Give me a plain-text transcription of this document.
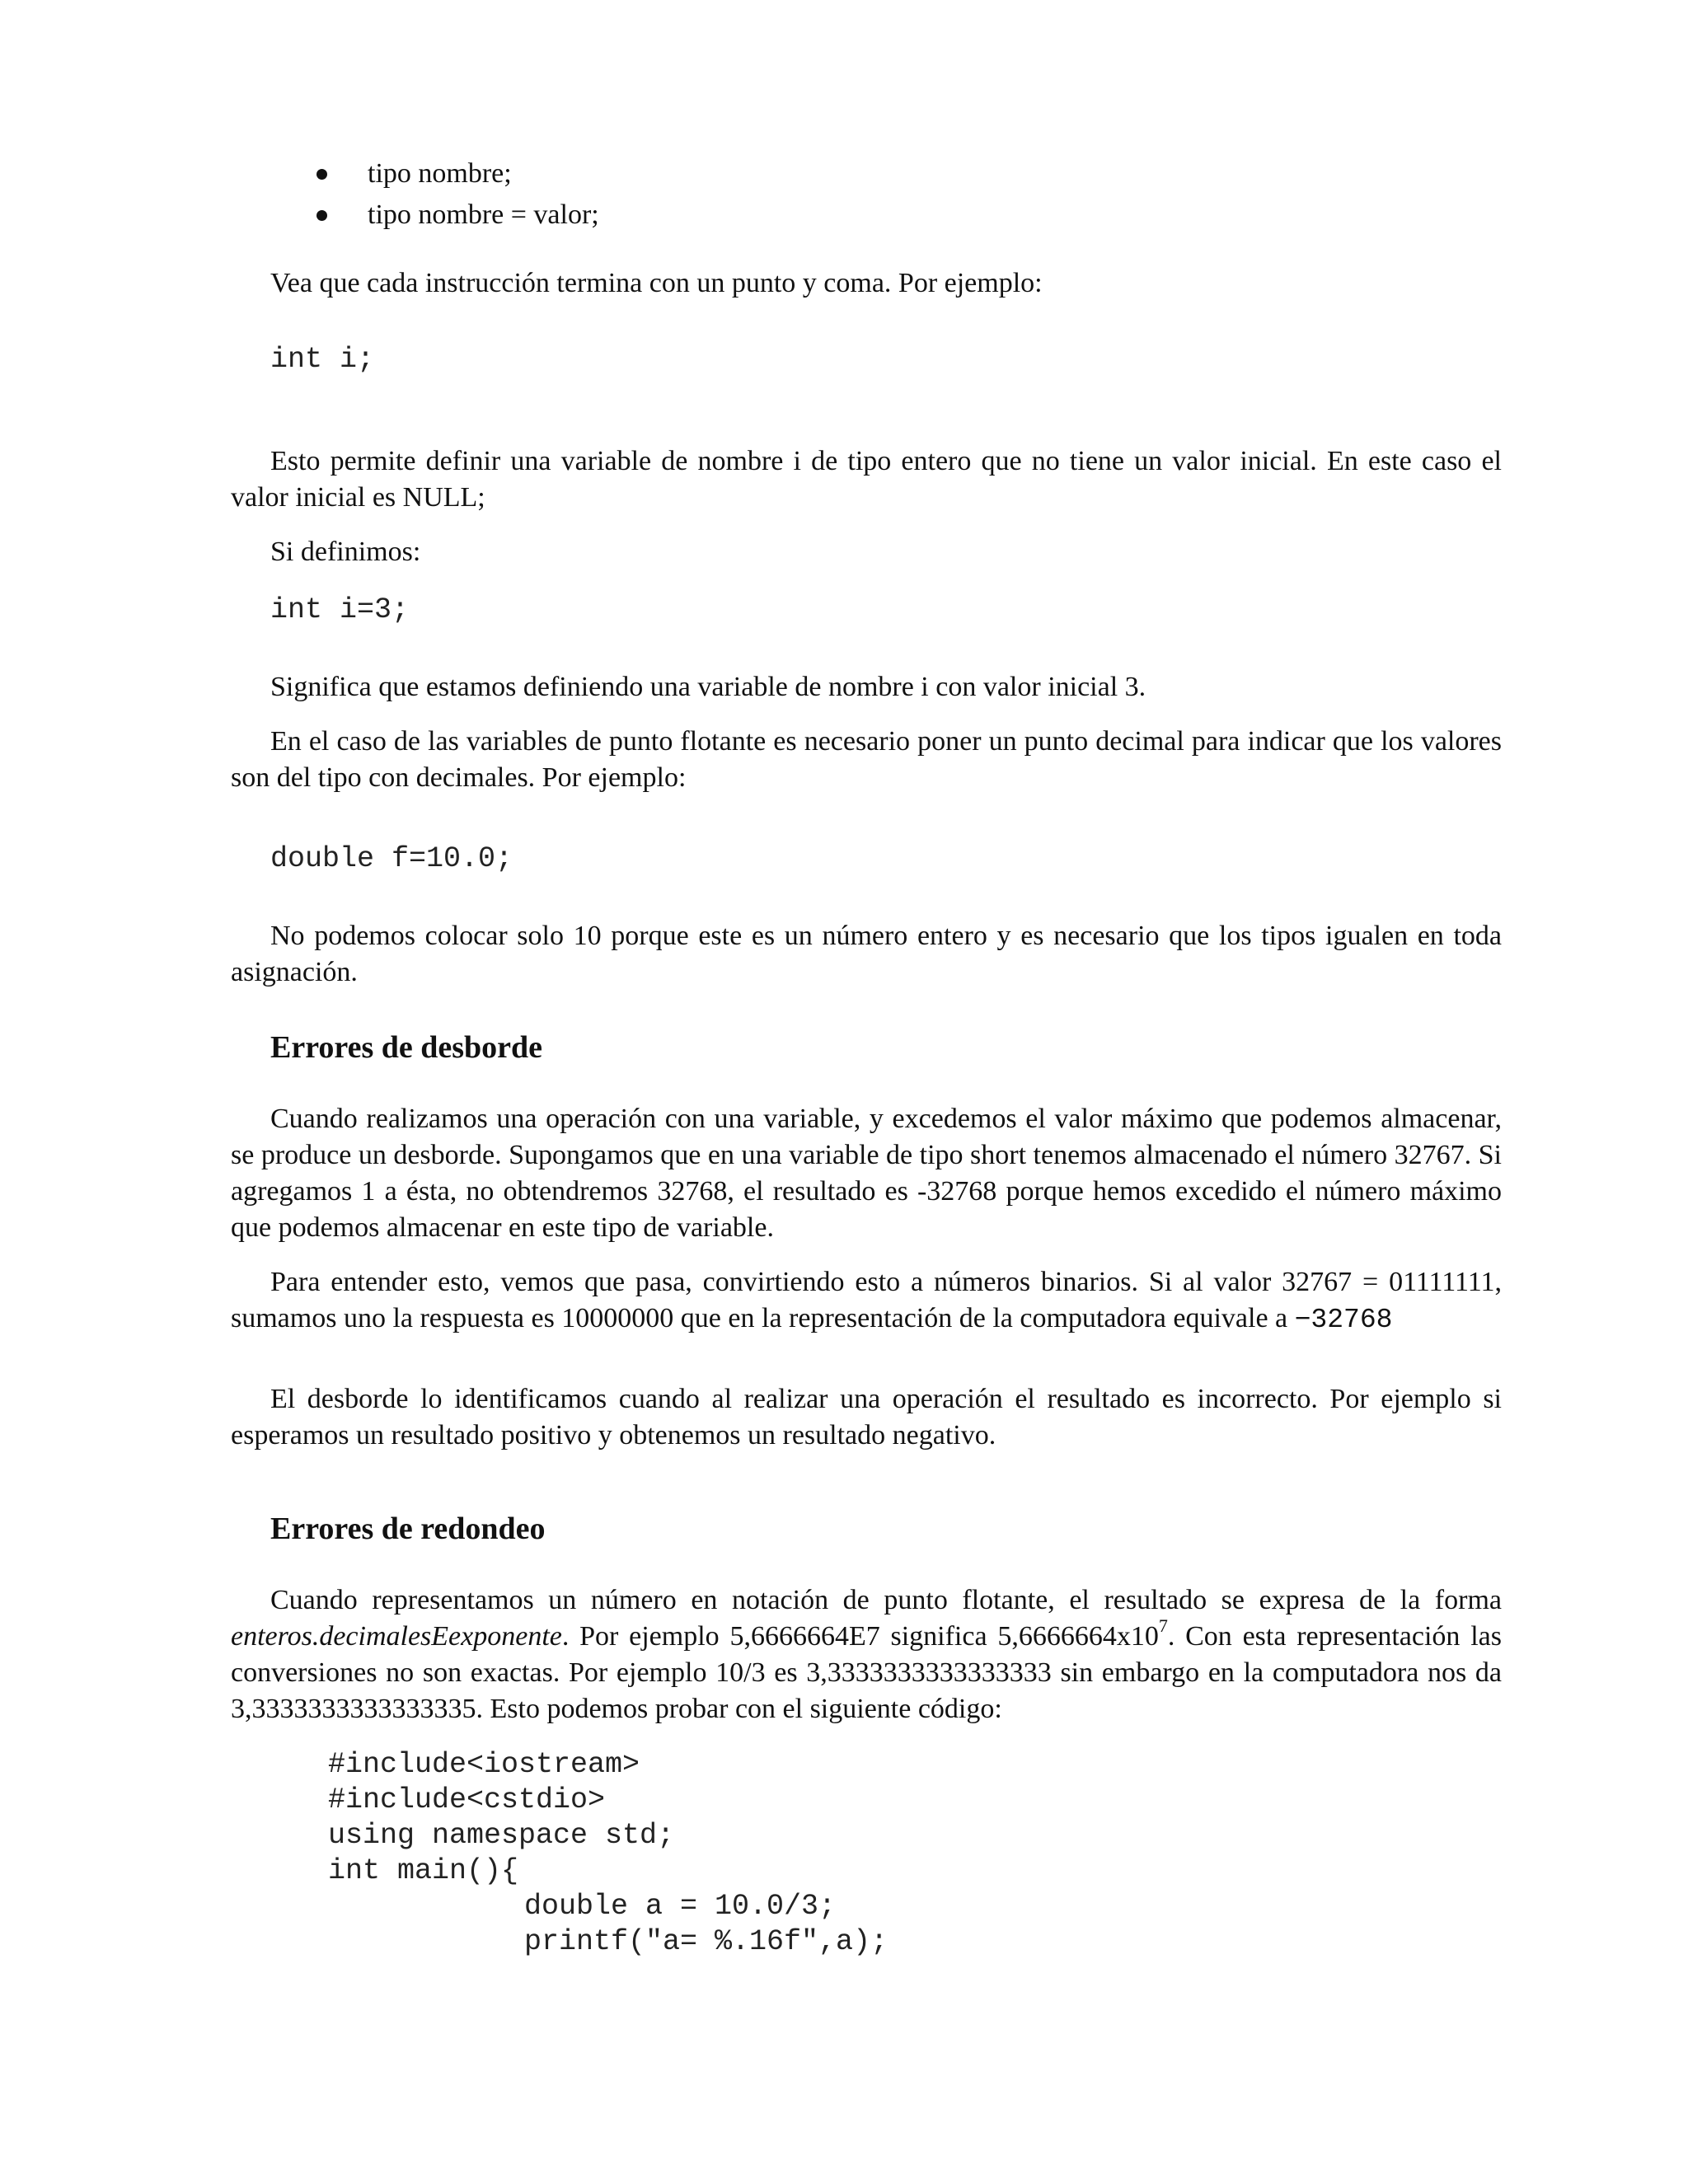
tipo nombre;
tipo nombre = valor;
Vea que cada instrucción termina con un punto y coma. Por ejemplo:
int i;
Esto permite definir una variable de nombre i de tipo entero que no tiene un valor inicial. En este caso el valor inicial es NULL;
Si definimos:
int i=3;
Significa que estamos definiendo una variable de nombre i con valor inicial 3.
En el caso de las variables de punto flotante es necesario poner un punto decimal para indicar que los valores son del tipo con decimales. Por ejemplo:
double f=10.0;
No podemos colocar solo 10 porque este es un número entero y es necesario que los tipos igualen en toda asignación.
Errores de desborde
Cuando realizamos una operación con una variable, y excedemos el valor máximo que podemos almacenar, se produce un desborde. Supongamos que en una variable de tipo short tenemos almacenado el número 32767. Si agregamos 1 a ésta, no obtendremos 32768, el resultado es -32768 porque hemos excedido el número máximo que podemos almacenar en este tipo de variable.
Para entender esto, vemos que pasa, convirtiendo esto a números binarios. Si al valor 32767 = 01111111, sumamos uno la respuesta es 10000000 que en la representación de la computadora equivale a −32768
El desborde lo identificamos cuando al realizar una operación el resultado es incorrecto. Por ejemplo si esperamos un resultado positivo y obtenemos un resultado negativo.
Errores de redondeo
Cuando representamos un número en notación de punto flotante, el resultado se expresa de la forma enteros.decimalesEexponente. Por ejemplo 5,6666664E7 significa $5,6666664x10^7$. Con esta representación las conversiones no son exactas. Por ejemplo 10/3 es 3,3333333333333333 sin embargo en la computadora nos da 3,3333333333333335. Esto podemos probar con el siguiente código:
#include<iostream>
#include<cstdio>
using namespace std;
int main(){
double a = 10.0/3;
printf("a= %.16f",a);
